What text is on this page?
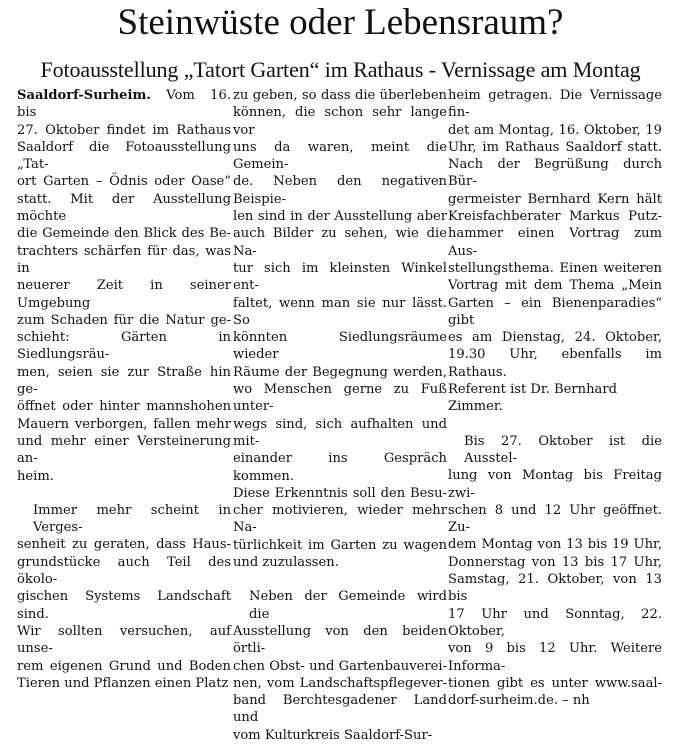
Steinwüste oder Lebensraum?
Fotoausstellung „Tatort Garten“ im Rathaus - Vernissage am Montag

Saaldorf-Surheim. Vom 16. bis
27. Oktober findet im Rathaus
Saaldorf die Fotoausstellung „Tat-
ort Garten – Ödnis oder Oase“
statt. Mit der Ausstellung möchte
die Gemeinde den Blick des Be-
trachters schärfen für das, was in
neuerer Zeit in seiner Umgebung
zum Schaden für die Natur ge-
schieht: Gärten in Siedlungsräu-
men, seien sie zur Straße hin ge-
öffnet oder hinter mannshohen
Mauern verborgen, fallen mehr
und mehr einer Versteinerung an-
heim.

Immer mehr scheint in Verges-
senheit zu geraten, dass Haus-
grundstücke auch Teil des ökolo-
gischen Systems Landschaft sind.
Wir sollten versuchen, auf unse-
rem eigenen Grund und Boden
Tieren und Pflanzen einen Platz

zu geben, so dass die überleben
können, die schon sehr lange vor
uns da waren, meint die Gemein-
de. Neben den negativen Beispie-
len sind in der Ausstellung aber
auch Bilder zu sehen, wie die Na-
tur sich im kleinsten Winkel ent-
faltet, wenn man sie nur lässt. So
könnten Siedlungsräume wieder
Räume der Begegnung werden,
wo Menschen gerne zu Fuß unter-
wegs sind, sich aufhalten und mit-
einander ins Gespräch kommen.
Diese Erkenntnis soll den Besu-
cher motivieren, wieder mehr Na-
türlichkeit im Garten zu wagen
und zuzulassen.

Neben der Gemeinde wird die
Ausstellung von den beiden örtli-
chen Obst- und Gartenbauverei-
nen, vom Landschaftspflegever-
band Berchtesgadener Land und
vom Kulturkreis Saaldorf-Sur-

heim getragen. Die Vernissage fin-
det am Montag, 16. Oktober, 19
Uhr, im Rathaus Saaldorf statt.
Nach der Begrüßung durch Bür-
germeister Bernhard Kern hält
Kreisfachberater Markus Putz-
hammer einen Vortrag zum Aus-
stellungsthema. Einen weiteren
Vortrag mit dem Thema „Mein
Garten – ein Bienenparadies“ gibt
es am Dienstag, 24. Oktober,
19.30 Uhr, ebenfalls im Rathaus.
Referent ist Dr. Bernhard Zimmer.

Bis 27. Oktober ist die Ausstel-
lung von Montag bis Freitag zwi-
schen 8 und 12 Uhr geöffnet. Zu-
dem Montag von 13 bis 19 Uhr,
Donnerstag von 13 bis 17 Uhr,
Samstag, 21. Oktober, von 13 bis
17 Uhr und Sonntag, 22. Oktober,
von 9 bis 12 Uhr. Weitere Informa-
tionen gibt es unter www.saal-
dorf-surheim.de. – nh
